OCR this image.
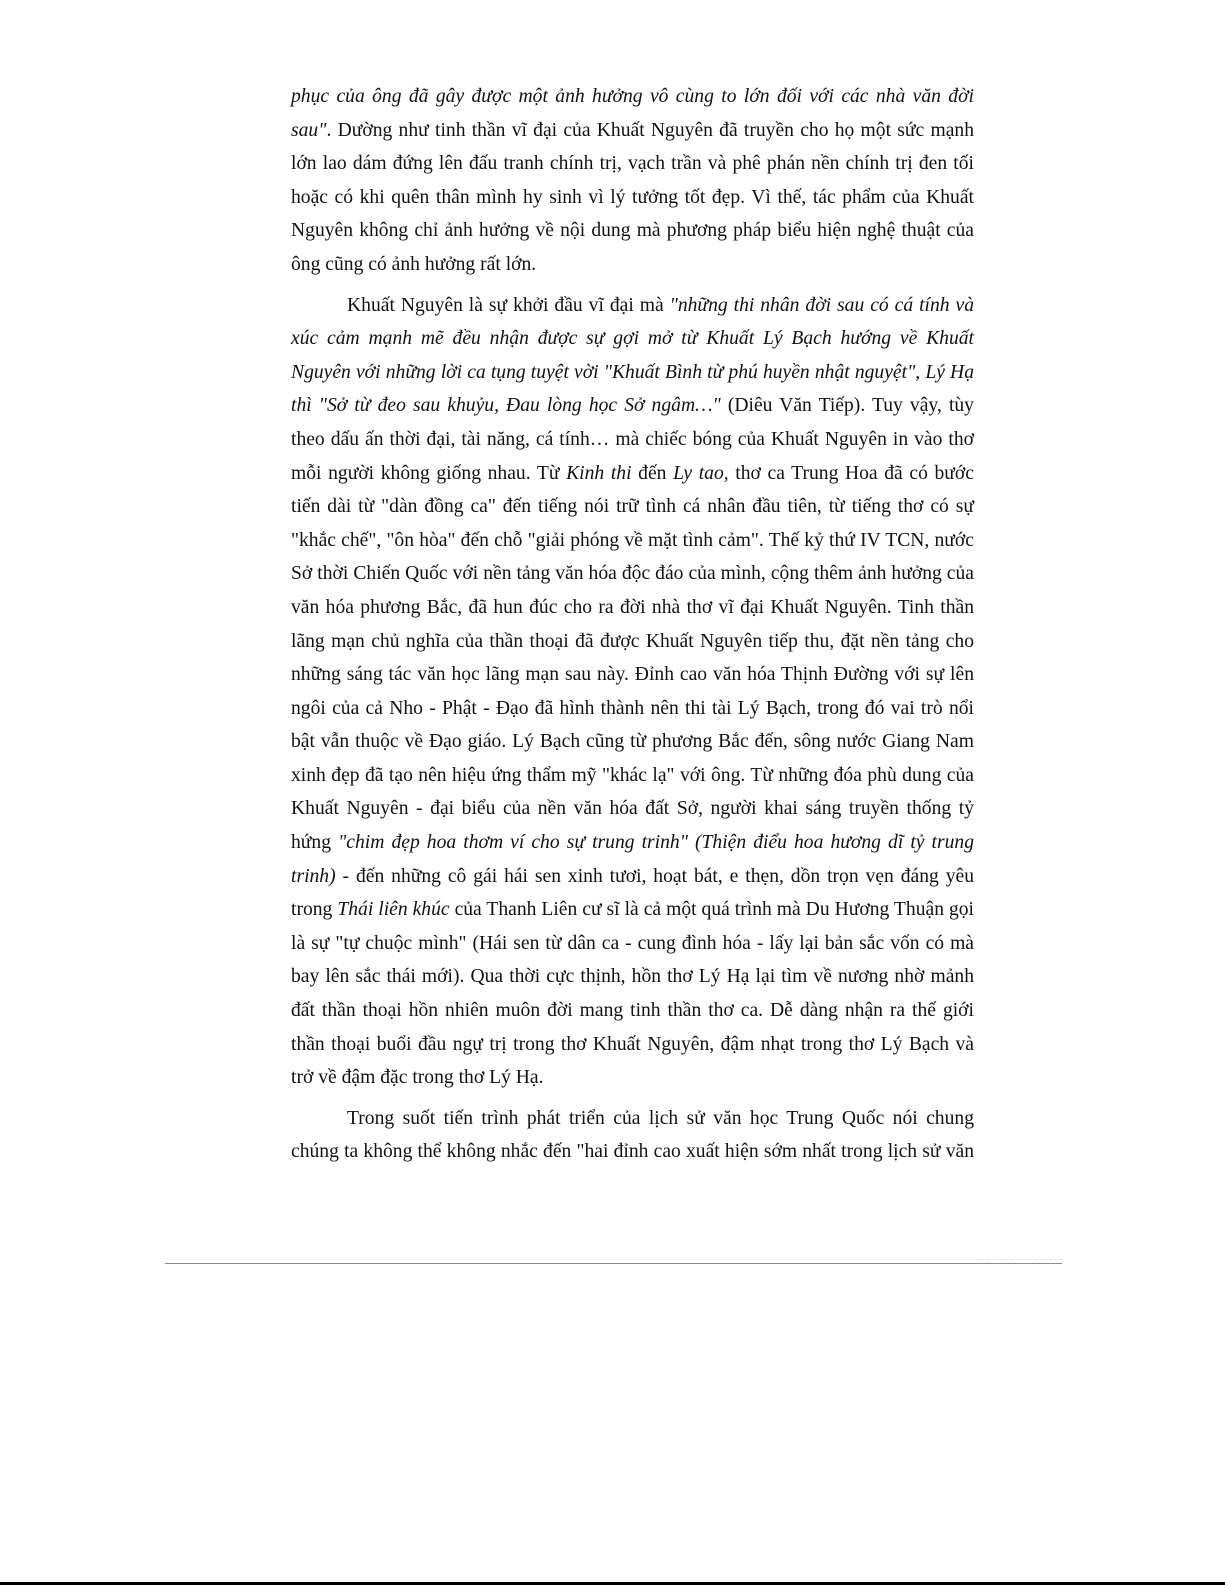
phục của ông đã gây được một ảnh hưởng vô cùng to lớn đối với các nhà văn đời sau". Dường như tinh thần vĩ đại của Khuất Nguyên đã truyền cho họ một sức mạnh lớn lao dám đứng lên đấu tranh chính trị, vạch trần và phê phán nền chính trị đen tối hoặc có khi quên thân mình hy sinh vì lý tưởng tốt đẹp. Vì thế, tác phẩm của Khuất Nguyên không chỉ ảnh hưởng về nội dung mà phương pháp biểu hiện nghệ thuật của ông cũng có ảnh hưởng rất lớn.

Khuất Nguyên là sự khởi đầu vĩ đại mà "những thi nhân đời sau có cá tính và xúc cảm mạnh mẽ đều nhận được sự gợi mở từ Khuất Lý Bạch hướng về Khuất Nguyên với những lời ca tụng tuyệt vời "Khuất Bình từ phú huyền nhật nguyệt", Lý Hạ thì "Sở từ đeo sau khuỷu, Đau lòng học Sở ngâm…" (Diêu Văn Tiếp). Tuy vậy, tùy theo dấu ấn thời đại, tài năng, cá tính… mà chiếc bóng của Khuất Nguyên in vào thơ mỗi người không giống nhau. Từ Kinh thi đến Ly tao, thơ ca Trung Hoa đã có bước tiến dài từ "dàn đồng ca" đến tiếng nói trữ tình cá nhân đầu tiên, từ tiếng thơ có sự "khắc chế", "ôn hòa" đến chỗ "giải phóng về mặt tình cảm". Thế kỷ thứ IV TCN, nước Sở thời Chiến Quốc với nền tảng văn hóa độc đáo của mình, cộng thêm ảnh hưởng của văn hóa phương Bắc, đã hun đúc cho ra đời nhà thơ vĩ đại Khuất Nguyên. Tinh thần lãng mạn chủ nghĩa của thần thoại đã được Khuất Nguyên tiếp thu, đặt nền tảng cho những sáng tác văn học lãng mạn sau này. Đỉnh cao văn hóa Thịnh Đường với sự lên ngôi của cả Nho - Phật - Đạo đã hình thành nên thi tài Lý Bạch, trong đó vai trò nổi bật vẫn thuộc về Đạo giáo. Lý Bạch cũng từ phương Bắc đến, sông nước Giang Nam xinh đẹp đã tạo nên hiệu ứng thẩm mỹ "khác lạ" với ông. Từ những đóa phù dung của Khuất Nguyên - đại biểu của nền văn hóa đất Sở, người khai sáng truyền thống tỷ hứng "chim đẹp hoa thơm ví cho sự trung trinh" (Thiện điểu hoa hương dĩ tỷ trung trinh) - đến những cô gái hái sen xinh tươi, hoạt bát, e thẹn, dồn trọn vẹn đáng yêu trong Thái liên khúc của Thanh Liên cư sĩ là cả một quá trình mà Du Hương Thuận gọi là sự "tự chuộc mình" (Hái sen từ dân ca - cung đình hóa - lấy lại bản sắc vốn có mà bay lên sắc thái mới). Qua thời cực thịnh, hồn thơ Lý Hạ lại tìm về nương nhờ mảnh đất thần thoại hồn nhiên muôn đời mang tinh thần thơ ca. Dễ dàng nhận ra thế giới thần thoại buổi đầu ngự trị trong thơ Khuất Nguyên, đậm nhạt trong thơ Lý Bạch và trở về đậm đặc trong thơ Lý Hạ.

Trong suốt tiến trình phát triển của lịch sử văn học Trung Quốc nói chung chúng ta không thể không nhắc đến "hai đỉnh cao xuất hiện sớm nhất trong lịch sử văn
